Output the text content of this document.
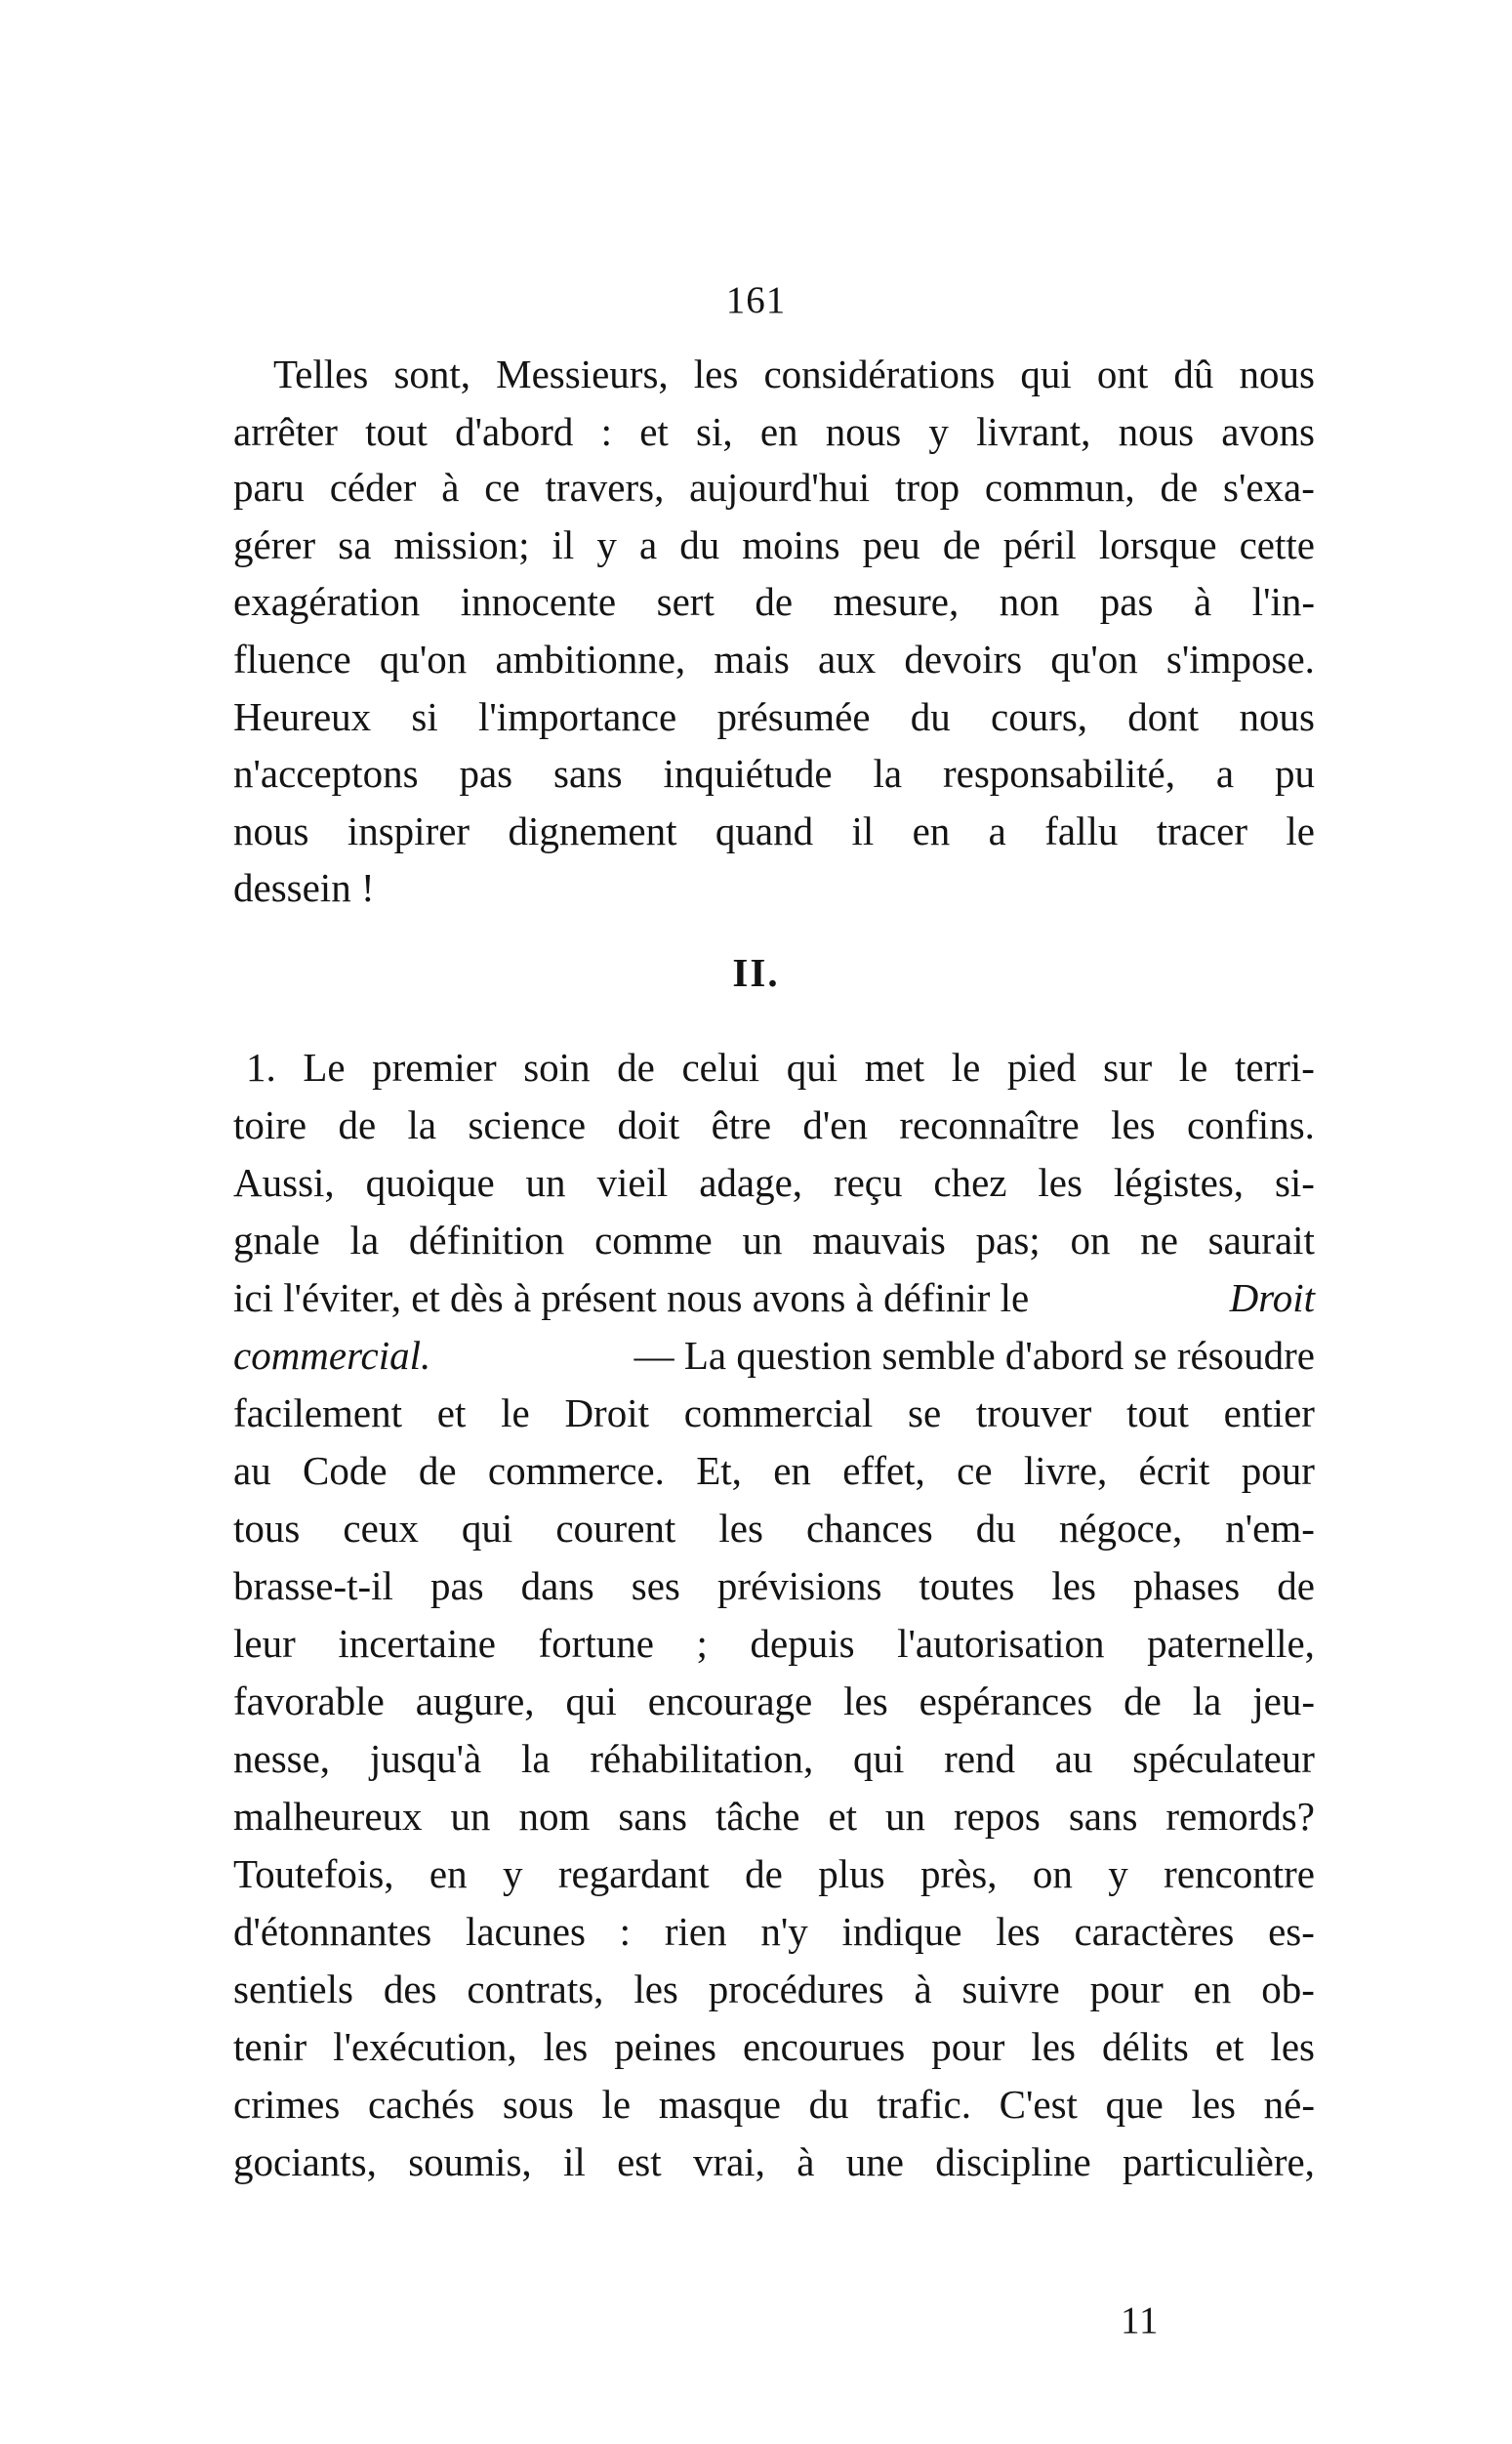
161
Telles sont, Messieurs, les considérations qui ont dû nous
arrêter tout d'abord : et si, en nous y livrant, nous avons
paru céder à ce travers, aujourd'hui trop commun, de s'exa-
gérer sa mission; il y a du moins peu de péril lorsque cette
exagération innocente sert de mesure, non pas à l'in-
fluence qu'on ambitionne, mais aux devoirs qu'on s'impose.
Heureux si l'importance présumée du cours, dont nous
n'acceptons pas sans inquiétude la responsabilité, a pu
nous inspirer dignement quand il en a fallu tracer le
dessein !
II.
1. Le premier soin de celui qui met le pied sur le terri-
toire de la science doit être d'en reconnaître les confins.
Aussi, quoique un vieil adage, reçu chez les légistes, si-
gnale la définition comme un mauvais pas; on ne saurait
ici l'éviter, et dès à présent nous avons à définir le	Droit
commercial.	— La question semble d'abord se résoudre
facilement et le Droit commercial se trouver tout entier
au Code de commerce. Et, en effet, ce livre, écrit pour
tous ceux qui courent les chances du négoce, n'em-
brasse-t-il pas dans ses prévisions toutes les phases de
leur incertaine fortune ; depuis l'autorisation paternelle,
favorable augure, qui encourage les espérances de la jeu-
nesse, jusqu'à la réhabilitation, qui rend au spéculateur
malheureux un nom sans tâche et un repos sans remords?
Toutefois, en y regardant de plus près, on y rencontre
d'étonnantes lacunes : rien n'y indique les caractères es-
sentiels des contrats, les procédures à suivre pour en ob-
tenir l'exécution, les peines encourues pour les délits et les
crimes cachés sous le masque du trafic. C'est que les né-
gociants, soumis, il est vrai, à une discipline particulière,
11
